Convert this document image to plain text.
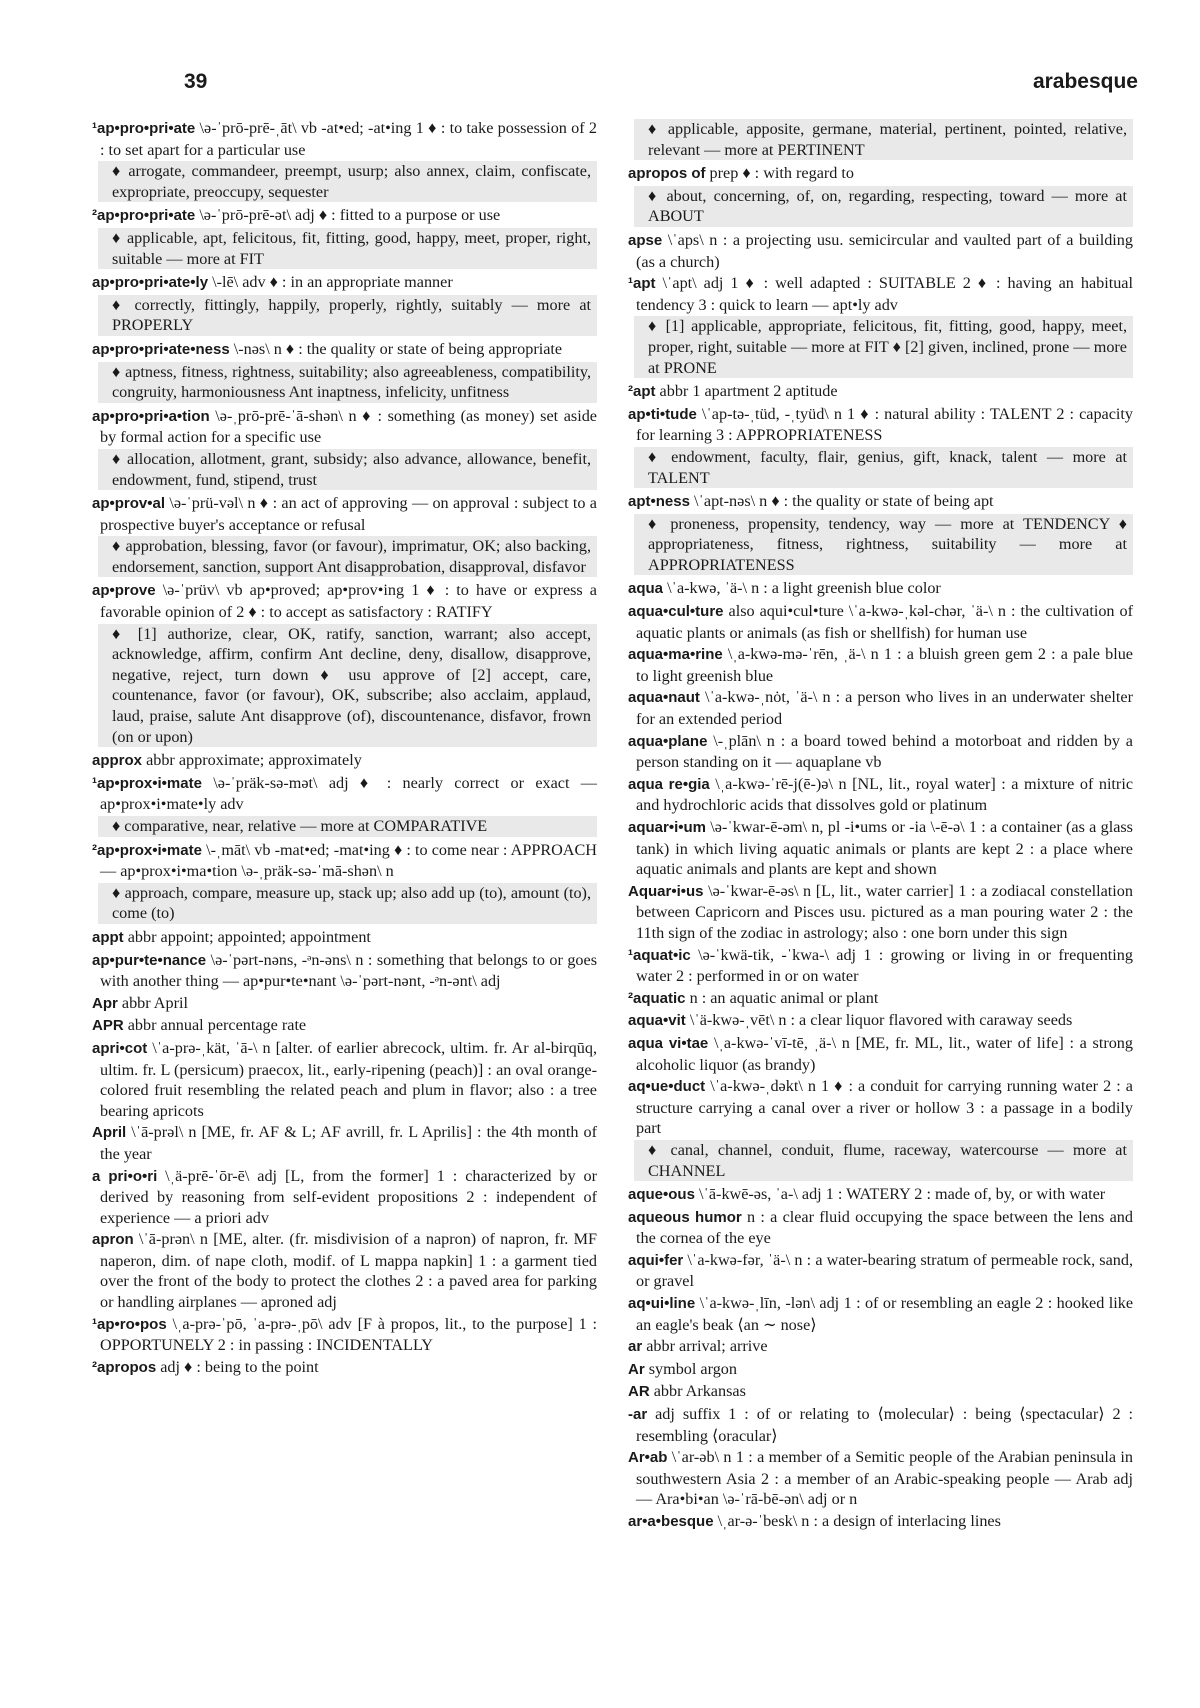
39	arabesque
¹ap•pro•pri•ate \ə-ˈprō-prē-ˌāt\ vb -at•ed; -at•ing 1 ♦ : to take possession of 2 : to set apart for a particular use
♦ arrogate, commandeer, preempt, usurp; also annex, claim, confiscate, expropriate, preoccupy, sequester
²ap•pro•pri•ate \ə-ˈprō-prē-ət\ adj ♦ : fitted to a purpose or use
♦ applicable, apt, felicitous, fit, fitting, good, happy, meet, proper, right, suitable — more at FIT
ap•pro•pri•ate•ly \-lē\ adv ♦ : in an appropriate manner
♦ correctly, fittingly, happily, properly, rightly, suitably — more at PROPERLY
ap•pro•pri•ate•ness \-nəs\ n ♦ : the quality or state of being appropriate
♦ aptness, fitness, rightness, suitability; also agreeableness, compatibility, congruity, harmoniousness Ant inaptness, infelicity, unfitness
ap•pro•pri•a•tion \ə-ˌprō-prē-ˈā-shən\ n ♦ : something (as money) set aside by formal action for a specific use
♦ allocation, allotment, grant, subsidy; also advance, allowance, benefit, endowment, fund, stipend, trust
ap•prov•al \ə-ˈprü-vəl\ n ♦ : an act of approving — on approval : subject to a prospective buyer's acceptance or refusal
♦ approbation, blessing, favor (or favour), imprimatur, OK; also backing, endorsement, sanction, support Ant disapprobation, disapproval, disfavor
ap•prove \ə-ˈprüv\ vb ap•proved; ap•prov•ing 1 ♦ : to have or express a favorable opinion of 2 ♦ : to accept as satisfactory : RATIFY
♦ [1] authorize, clear, OK, ratify, sanction, warrant; also accept, acknowledge, affirm, confirm Ant decline, deny, disallow, disapprove, negative, reject, turn down ♦ usu approve of [2] accept, care, countenance, favor (or favour), OK, subscribe; also acclaim, applaud, laud, praise, salute Ant disapprove (of), discountenance, disfavor, frown (on or upon)
approx abbr approximate; approximately
¹ap•prox•i•mate \ə-ˈpräk-sə-mət\ adj ♦ : nearly correct or exact — ap•prox•i•mate•ly adv
♦ comparative, near, relative — more at COMPARATIVE
²ap•prox•i•mate \-ˌmāt\ vb -mat•ed; -mat•ing ♦ : to come near : APPROACH — ap•prox•i•ma•tion \ə-ˌpräk-sə-ˈmā-shən\ n
♦ approach, compare, measure up, stack up; also add up (to), amount (to), come (to)
appt abbr appoint; appointed; appointment
ap•pur•te•nance \ə-ˈpərt-nəns, -ᵊn-əns\ n : something that belongs to or goes with another thing — ap•pur•te•nant \ə-ˈpərt-nənt, -ᵊn-ənt\ adj
Apr abbr April
APR abbr annual percentage rate
apri•cot \ˈa-prə-ˌkät, ˈā-\ n [alter. of earlier abrecock, ultim. fr. Ar al-birqūq, ultim. fr. L (persicum) praecox, lit., early-ripening (peach)] : an oval orange-colored fruit resembling the related peach and plum in flavor; also : a tree bearing apricots
April \ˈā-prəl\ n [ME, fr. AF & L; AF avrill, fr. L Aprilis] : the 4th month of the year
a pri•o•ri \ˌä-prē-ˈōr-ē\ adj [L, from the former] 1 : characterized by or derived by reasoning from self-evident propositions 2 : independent of experience — a priori adv
apron \ˈā-prən\ n [ME, alter. (fr. misdivision of a napron) of napron, fr. MF naperon, dim. of nape cloth, modif. of L mappa napkin] 1 : a garment tied over the front of the body to protect the clothes 2 : a paved area for parking or handling airplanes — aproned adj
¹ap•ro•pos \ˌa-prə-ˈpō, ˈa-prə-ˌpō\ adv [F à propos, lit., to the purpose] 1 : OPPORTUNELY 2 : in passing : INCIDENTALLY
²apropos adj ♦ : being to the point
♦ applicable, apposite, germane, material, pertinent, pointed, relative, relevant — more at PERTINENT
apropos of prep ♦ : with regard to
♦ about, concerning, of, on, regarding, respecting, toward — more at ABOUT
apse \ˈaps\ n : a projecting usu. semicircular and vaulted part of a building (as a church)
¹apt \ˈapt\ adj 1 ♦ : well adapted : SUITABLE 2 ♦ : having an habitual tendency 3 : quick to learn — apt•ly adv
♦ [1] applicable, appropriate, felicitous, fit, fitting, good, happy, meet, proper, right, suitable — more at FIT ♦ [2] given, inclined, prone — more at PRONE
²apt abbr 1 apartment 2 aptitude
ap•ti•tude \ˈap-tə-ˌtüd, -ˌtyüd\ n 1 ♦ : natural ability : TALENT 2 : capacity for learning 3 : APPROPRIATENESS
♦ endowment, faculty, flair, genius, gift, knack, talent — more at TALENT
apt•ness \ˈapt-nəs\ n ♦ : the quality or state of being apt
♦ proneness, propensity, tendency, way — more at TENDENCY ♦ appropriateness, fitness, rightness, suitability — more at APPROPRIATENESS
aqua \ˈa-kwə, ˈä-\ n : a light greenish blue color
aqua•cul•ture also aqui•cul•ture \ˈa-kwə-ˌkəl-chər, ˈä-\ n : the cultivation of aquatic plants or animals (as fish or shellfish) for human use
aqua•ma•rine \ˌa-kwə-mə-ˈrēn, ˌä-\ n 1 : a bluish green gem 2 : a pale blue to light greenish blue
aqua•naut \ˈa-kwə-ˌnȯt, ˈä-\ n : a person who lives in an underwater shelter for an extended period
aqua•plane \-ˌplān\ n : a board towed behind a motorboat and ridden by a person standing on it — aquaplane vb
aqua re•gia \ˌa-kwə-ˈrē-j(ē-)ə\ n [NL, lit., royal water] : a mixture of nitric and hydrochloric acids that dissolves gold or platinum
aquar•i•um \ə-ˈkwar-ē-əm\ n, pl -i•ums or -ia \-ē-ə\ 1 : a container (as a glass tank) in which living aquatic animals or plants are kept 2 : a place where aquatic animals and plants are kept and shown
Aquar•i•us \ə-ˈkwar-ē-əs\ n [L, lit., water carrier] 1 : a zodiacal constellation between Capricorn and Pisces usu. pictured as a man pouring water 2 : the 11th sign of the zodiac in astrology; also : one born under this sign
¹aquat•ic \ə-ˈkwä-tik, -ˈkwa-\ adj 1 : growing or living in or frequenting water 2 : performed in or on water
²aquatic n : an aquatic animal or plant
aqua•vit \ˈä-kwə-ˌvēt\ n : a clear liquor flavored with caraway seeds
aqua vi•tae \ˌa-kwə-ˈvī-tē, ˌä-\ n [ME, fr. ML, lit., water of life] : a strong alcoholic liquor (as brandy)
aq•ue•duct \ˈa-kwə-ˌdəkt\ n 1 ♦ : a conduit for carrying running water 2 : a structure carrying a canal over a river or hollow 3 : a passage in a bodily part
♦ canal, channel, conduit, flume, raceway, watercourse — more at CHANNEL
aque•ous \ˈā-kwē-əs, ˈa-\ adj 1 : WATERY 2 : made of, by, or with water
aqueous humor n : a clear fluid occupying the space between the lens and the cornea of the eye
aqui•fer \ˈa-kwə-fər, ˈä-\ n : a water-bearing stratum of permeable rock, sand, or gravel
aq•ui•line \ˈa-kwə-ˌlīn, -lən\ adj 1 : of or resembling an eagle 2 : hooked like an eagle's beak ⟨an ∼ nose⟩
ar abbr arrival; arrive
Ar symbol argon
AR abbr Arkansas
-ar adj suffix 1 : of or relating to ⟨molecular⟩ : being ⟨spectacular⟩ 2 : resembling ⟨oracular⟩
Ar•ab \ˈar-əb\ n 1 : a member of a Semitic people of the Arabian peninsula in southwestern Asia 2 : a member of an Arabic-speaking people — Arab adj — Ara•bi•an \ə-ˈrā-bē-ən\ adj or n
ar•a•besque \ˌar-ə-ˈbesk\ n : a design of interlacing lines
